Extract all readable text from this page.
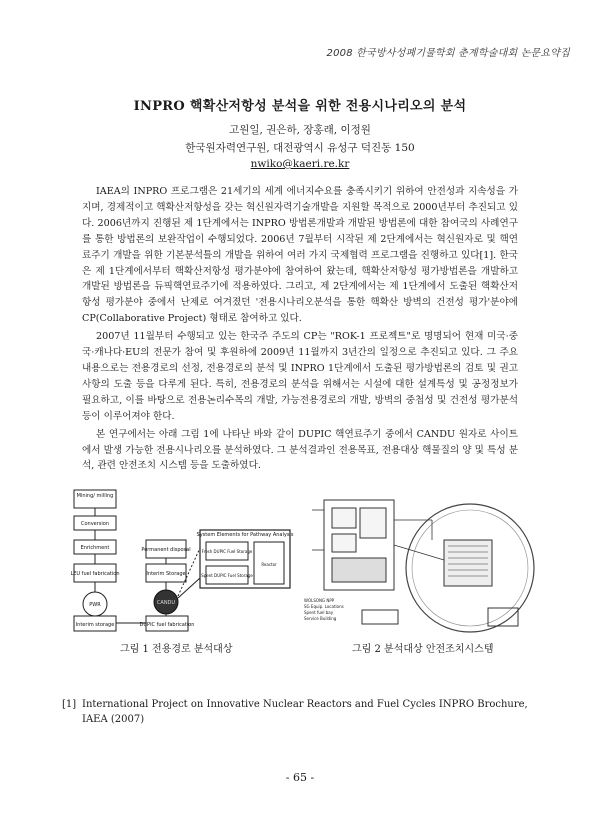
2008 한국방사성폐기물학회 춘계학술대회 논문요약집
INPRO 핵확산저항성 분석을 위한 전용시나리오의 분석
고원일, 권은하, 장홍래, 이정원
한국원자력연구원, 대전광역시 유성구 덕진동 150
nwiko@kaeri.re.kr

IAEA의 INPRO 프로그램은 21세기의 세계 에너지수요를 충족시키기 위하여 안전성과 지속성을 가지며, 경제적이고 핵확산저항성을 갖는 혁신원자력기술개발을 지원할 목적으로 2000년부터 추진되고 있다. 2006년까지 진행된 제 1단계에서는 INPRO 방법론개발과 개발된 방법론에 대한 참여국의 사례연구를 통한 방법론의 보완작업이 수행되었다. 2006년 7월부터 시작된 제 2단계에서는 혁신원자로 및 핵연료주기 개발을 위한 기본분석틀의 개발을 위하여 여러 가지 국제협력 프로그램을 진행하고 있다[1]. 한국은 제 1단계에서부터 핵확산저항성 평가분야에 참여하여 왔는데, 핵확산저항성 평가방법론을 개발하고 개발된 방법론을 듀픽핵연료주기에 적용하였다. 그리고, 제 2단계에서는 제 1단계에서 도출된 핵확산저항성 평가분야 중에서 난제로 여겨졌던 '전용시나리오분석을 통한 핵확산 방벽의 건전성 평가'분야에 CP(Collaborative Project) 형태로 참여하고 있다.

2007년 11월부터 수행되고 있는 한국주 주도의 CP는 "ROK-1 프로젝트"로 명명되어 현재 미국·중국·캐나다·EU의 전문가 참여 및 후원하에 2009년 11월까지 3년간의 일정으로 추진되고 있다. 그 주요내용으로는 전용경로의 선정, 전용경로의 분석 및 INPRO 1단계에서 도출된 평가방법론의 검토 및 권고사항의 도출 등을 다루게 된다. 특히, 전용경로의 분석을 위해서는 시설에 대한 설계특성 및 공정정보가 필요하고, 이를 바탕으로 전용논리수목의 개발, 가능전용경로의 개발, 방벽의 중첩성 및 건전성 평가분석 등이 이루어져야 한다.

본 연구에서는 아래 그림 1에 나타난 바와 같이 DUPIC 핵연료주기 중에서 CANDU 원자로 사이트에서 발생 가능한 전용시나리오를 분석하였다. 그 분석결과인 전용목표, 전용대상 핵물질의 양 및 특성 분석, 관련 안전조치 시스템 등을 도출하였다.

Mining/ milling
Conversion
Enrichment
LEU fuel fabrication
PWR
Interim storage
Permanent disposal
Interim Storage
CANDU
DUPIC fuel fabrication
System Elements for Pathway Analysis
Fresh DUPIC Fuel Storage
Spent DUPIC Fuel Storage
Reactor
WOLSONG NPP
SG Equip. Locations
Spent fuel bay
Service Building
그림 1 전용경로 분석대상	그림 2 분석대상 안전조치시스템
[1] International Project on Innovative Nuclear Reactors and Fuel Cycles INPRO Brochure, IAEA (2007)
- 65 -
